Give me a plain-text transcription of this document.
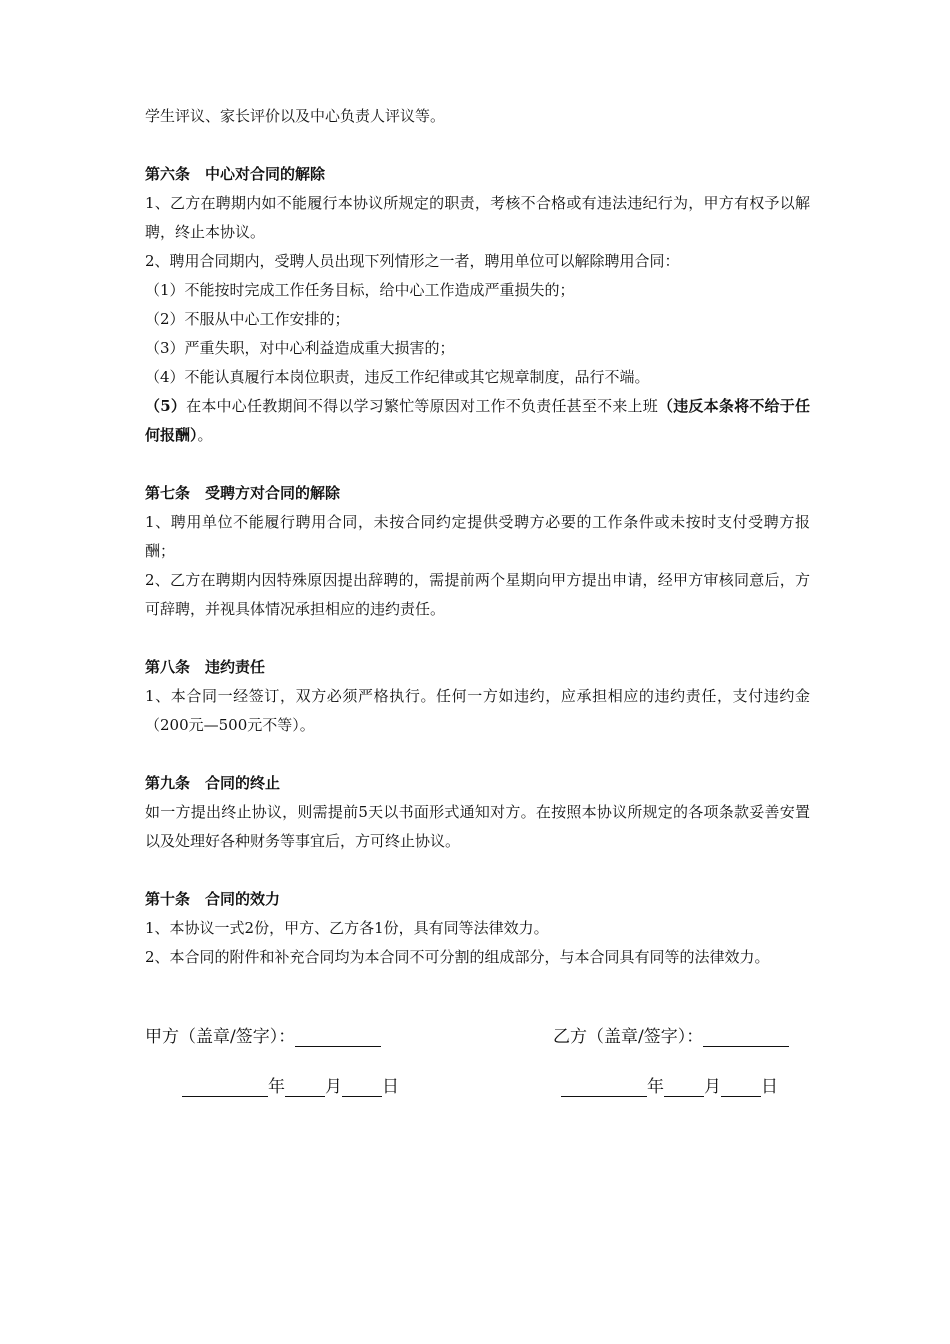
学生评议、家长评价以及中心负责人评议等。
第六条　中心对合同的解除
1、乙方在聘期内如不能履行本协议所规定的职责，考核不合格或有违法违纪行为，甲方有权予以解聘，终止本协议。
2、聘用合同期内，受聘人员出现下列情形之一者，聘用单位可以解除聘用合同：
（1）不能按时完成工作任务目标，给中心工作造成严重损失的；
（2）不服从中心工作安排的；
（3）严重失职，对中心利益造成重大损害的；
（4）不能认真履行本岗位职责，违反工作纪律或其它规章制度，品行不端。
（5）在本中心任教期间不得以学习繁忙等原因对工作不负责任甚至不来上班（违反本条将不给于任何报酬）。
第七条　受聘方对合同的解除
1、聘用单位不能履行聘用合同，未按合同约定提供受聘方必要的工作条件或未按时支付受聘方报酬；
2、乙方在聘期内因特殊原因提出辞聘的，需提前两个星期向甲方提出申请，经甲方审核同意后，方可辞聘，并视具体情况承担相应的违约责任。
第八条　违约责任
1、本合同一经签订，双方必须严格执行。任何一方如违约，应承担相应的违约责任，支付违约金（200元—500元不等）。
第九条　合同的终止
如一方提出终止协议，则需提前5天以书面形式通知对方。在按照本协议所规定的各项条款妥善安置以及处理好各种财务等事宜后，方可终止协议。
第十条　合同的效力
1、本协议一式2份，甲方、乙方各1份，具有同等法律效力。
2、本合同的附件和补充合同均为本合同不可分割的组成部分，与本合同具有同等的法律效力。
甲方（盖章/签字）：	乙方（盖章/签字）：
年 月 日	年 月 日
